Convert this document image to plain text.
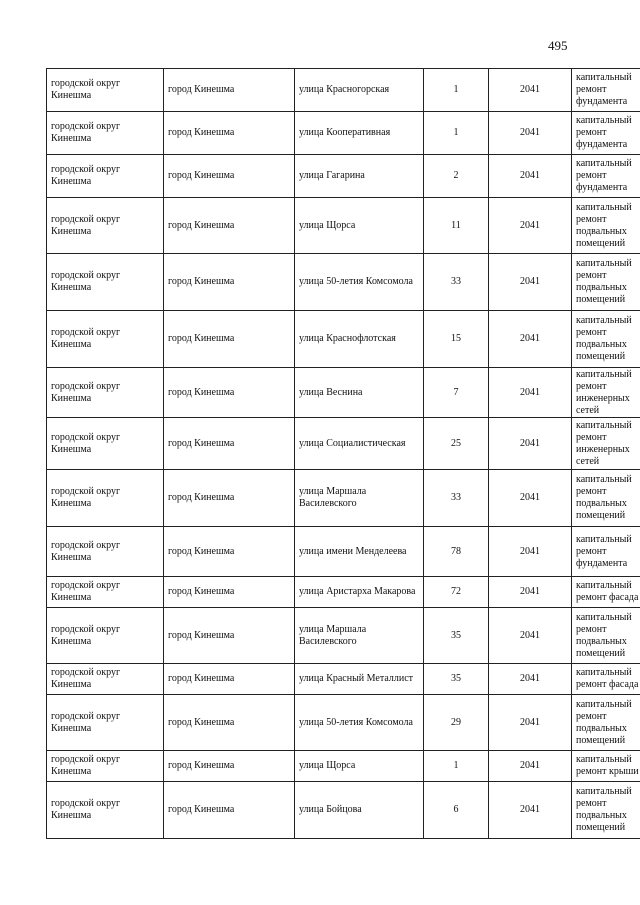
495
городской округ Кинешма	город Кинешма	улица Красногорская	1	2041	капитальный ремонт фундамента
городской округ Кинешма	город Кинешма	улица Кооперативная	1	2041	капитальный ремонт фундамента
городской округ Кинешма	город Кинешма	улица Гагарина	2	2041	капитальный ремонт фундамента
городской округ Кинешма	город Кинешма	улица Щорса	11	2041	капитальный ремонт подвальных помещений
городской округ Кинешма	город Кинешма	улица 50-летия Комсомола	33	2041	капитальный ремонт подвальных помещений
городской округ Кинешма	город Кинешма	улица Краснофлотская	15	2041	капитальный ремонт подвальных помещений
городской округ Кинешма	город Кинешма	улица Веснина	7	2041	капитальный ремонт инженерных сетей
городской округ Кинешма	город Кинешма	улица Социалистическая	25	2041	капитальный ремонт инженерных сетей
городской округ Кинешма	город Кинешма	улица Маршала Василевского	33	2041	капитальный ремонт подвальных помещений
городской округ Кинешма	город Кинешма	улица имени Менделеева	78	2041	капитальный ремонт фундамента
городской округ Кинешма	город Кинешма	улица Аристарха Макарова	72	2041	капитальный ремонт фасада
городской округ Кинешма	город Кинешма	улица Маршала Василевского	35	2041	капитальный ремонт подвальных помещений
городской округ Кинешма	город Кинешма	улица Красный Металлист	35	2041	капитальный ремонт фасада
городской округ Кинешма	город Кинешма	улица 50-летия Комсомола	29	2041	капитальный ремонт подвальных помещений
городской округ Кинешма	город Кинешма	улица Щорса	1	2041	капитальный ремонт крыши
городской округ Кинешма	город Кинешма	улица Бойцова	6	2041	капитальный ремонт подвальных помещений
